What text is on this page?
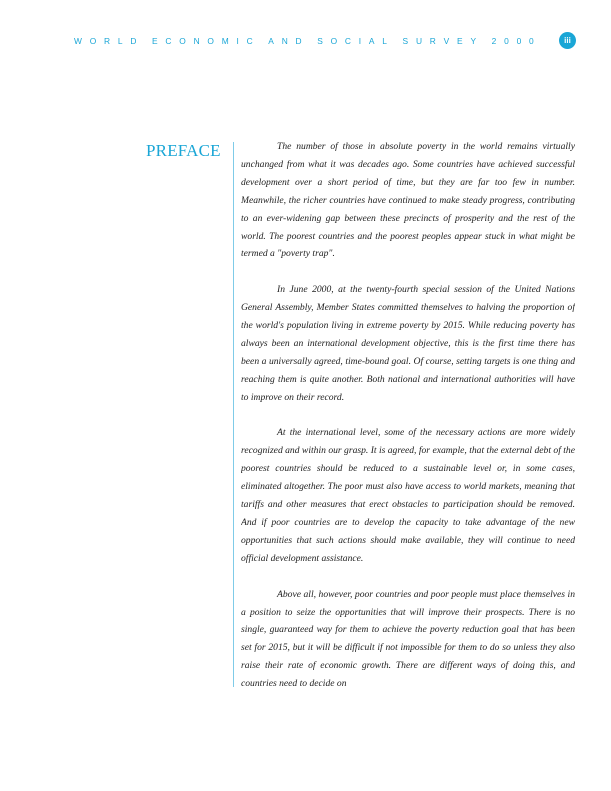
W O R L D E C O N O M I C A N D S O C I A L S U R V E Y 2 0 0 0	iii
PREFACE	The number of those in absolute poverty in the world remains virtually unchanged from what it was decades ago. Some countries have achieved successful development over a short period of time, but they are far too few in number. Meanwhile, the richer countries have continued to make steady progress, contributing to an ever-widening gap between these precincts of prosperity and the rest of the world. The poorest countries and the poorest peoples appear stuck in what might be termed a "poverty trap".

In June 2000, at the twenty-fourth special session of the United Nations General Assembly, Member States committed themselves to halving the proportion of the world's population living in extreme poverty by 2015. While reducing poverty has always been an international development objective, this is the first time there has been a universally agreed, time-bound goal. Of course, setting targets is one thing and reaching them is quite another. Both national and international authorities will have to improve on their record.

At the international level, some of the necessary actions are more widely recognized and within our grasp. It is agreed, for example, that the external debt of the poorest countries should be reduced to a sustainable level or, in some cases, eliminated altogether. The poor must also have access to world markets, meaning that tariffs and other measures that erect obstacles to participation should be removed. And if poor countries are to develop the capacity to take advantage of the new opportunities that such actions should make available, they will continue to need official development assistance.

Above all, however, poor countries and poor people must place themselves in a position to seize the opportunities that will improve their prospects. There is no single, guaranteed way for them to achieve the poverty reduction goal that has been set for 2015, but it will be difficult if not impossible for them to do so unless they also raise their rate of economic growth. There are different ways of doing this, and countries need to decide on
